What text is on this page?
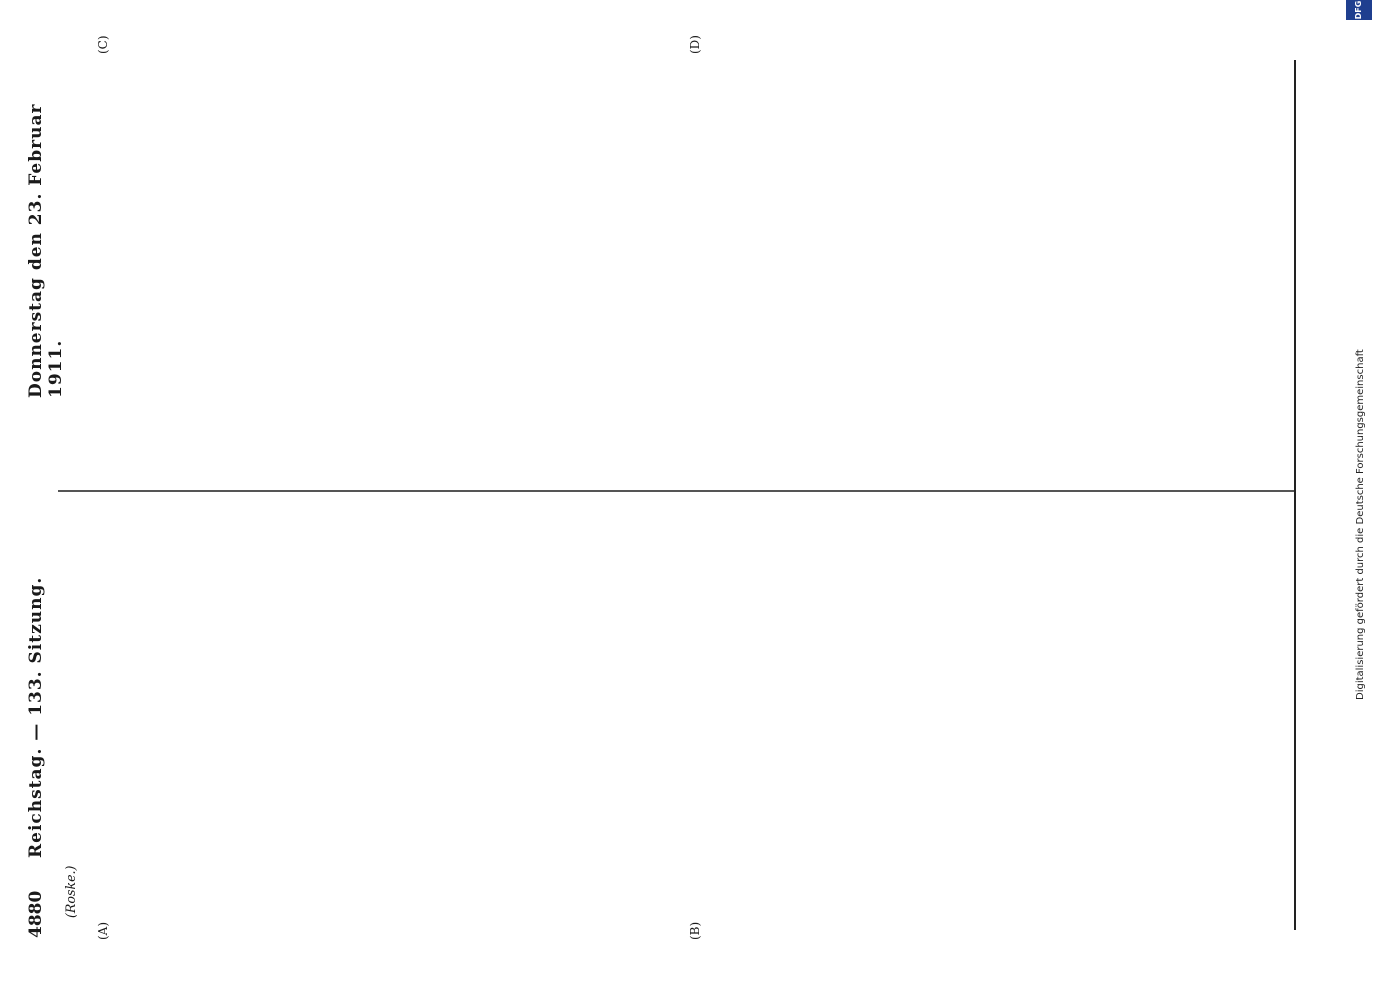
4880
Reichstag. — 133. Sitzung.
Donnerstag den 23. Februar 1911.
(A)	(B)
(C)	(D)

(Roske.)

Digitalisierung gefördert durch die Deutsche Forschungsgemeinschaft
DFG
